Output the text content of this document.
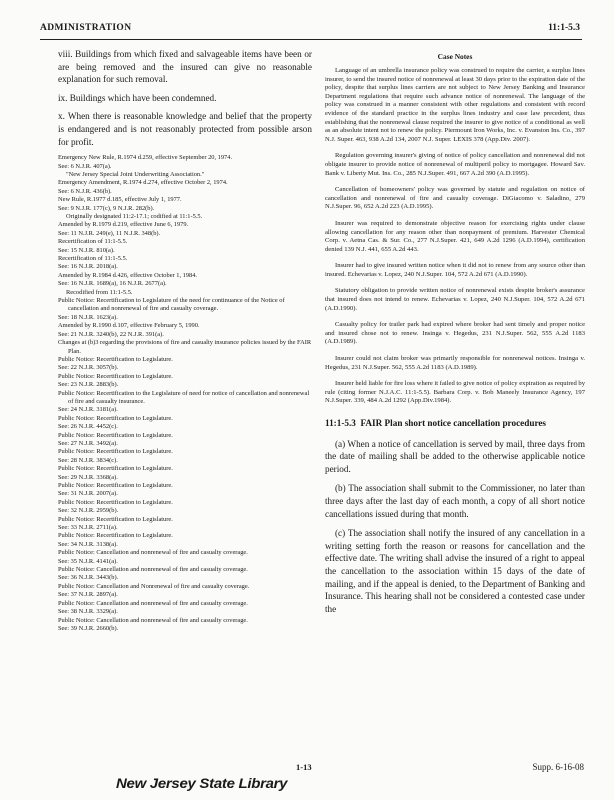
ADMINISTRATION	11:1-5.3

viii. Buildings from which fixed and salvageable items have been or are being removed and the insured can give no reasonable explanation for such removal.

ix. Buildings which have been condemned.

x. When there is reasonable knowledge and belief that the property is endangered and is not reasonably protected from possible arson for profit.

Emergency New Rule, R.1974 d.259, effective September 20, 1974.

See: 6 N.J.R. 407(a).

"New Jersey Special Joint Underwriting Association."

Emergency Amendment, R.1974 d.274, effective October 2, 1974.

See: 6 N.J.R. 436(b).

New Rule, R.1977 d.185, effective July 1, 1977.

See: 9 N.J.R. 177(c), 9 N.J.R. 282(b).

Originally designated 11:2-17.1; codified at 11:1-5.5.

Amended by R.1979 d.219, effective June 6, 1979.

See: 11 N.J.R. 249(e), 11 N.J.R. 348(b).

Recertification of 11:1-5.5.

See: 15 N.J.R. 810(a).

Recertification of 11:1-5.5.

See: 16 N.J.R. 2018(a).

Amended by R.1984 d.426, effective October 1, 1984.

See: 16 N.J.R. 1689(a), 16 N.J.R. 2677(a).

Recodified from 11:1-5.5.

Public Notice: Recertification to Legislature of the need for continuance of the Notice of cancellation and nonrenewal of fire and casualty coverage.

See: 18 N.J.R. 1623(a).

Amended by R.1990 d.107, effective February 5, 1990.

See: 21 N.J.R. 3240(b), 22 N.J.R. 391(a).

Changes at (b)3 regarding the provisions of fire and casualty insurance policies issued by the FAIR Plan.

Public Notice: Recertification to Legislature.

See: 22 N.J.R. 3057(b).

Public Notice: Recertification to Legislature.

See: 23 N.J.R. 2883(b).

Public Notice: Recertification to the Legislature of need for notice of cancellation and nonrenewal of fire and casualty insurance.

See: 24 N.J.R. 3181(a).

Public Notice: Recertification to Legislature.

See: 26 N.J.R. 4452(c).

Public Notice: Recertification to Legislature.

See: 27 N.J.R. 3492(a).

Public Notice: Recertification to Legislature.

See: 28 N.J.R. 3834(c).

Public Notice: Recertification to Legislature.

See: 29 N.J.R. 3368(a).

Public Notice: Recertification to Legislature.

See: 31 N.J.R. 2007(a).

Public Notice: Recertification to Legislature.

See: 32 N.J.R. 2959(b).

Public Notice: Recertification to Legislature.

See: 33 N.J.R. 2711(a).

Public Notice: Recertification to Legislature.

See: 34 N.J.R. 3138(a).

Public Notice: Cancellation and nonrenewal of fire and casualty coverage.

See: 35 N.J.R. 4141(a).

Public Notice: Cancellation and nonrenewal of fire and casualty coverage.

See: 36 N.J.R. 3443(b).

Public Notice: Cancellation and Nonrenewal of fire and casualty coverage.

See: 37 N.J.R. 2897(a).

Public Notice: Cancellation and nonrenewal of fire and casualty coverage.

See: 38 N.J.R. 3329(a).

Public Notice: Cancellation and nonrenewal of fire and casualty coverage.

See: 39 N.J.R. 2660(b).

Case Notes

Language of an umbrella insurance policy was construed to require the carrier, a surplus lines insurer, to send the insured notice of nonrenewal at least 30 days prior to the expiration date of the policy, despite that surplus lines carriers are not subject to New Jersey Banking and Insurance Department regulations that require such advance notice of nonrenewal. The language of the policy was construed in a manner consistent with other regulations and consistent with record evidence of the standard practice in the surplus lines industry and case law precedent, thus establishing that the nonrenewal clause required the insurer to give notice of a conditional as well as an absolute intent not to renew the policy. Piermount Iron Works, Inc. v. Evanston Ins. Co., 397 N.J. Super. 463, 938 A.2d 134, 2007 N.J. Super. LEXIS 378 (App.Div. 2007).

Regulation governing insurer's giving of notice of policy cancellation and nonrenewal did not obligate insurer to provide notice of nonrenewal of multiperil policy to mortgagee. Howard Sav. Bank v. Liberty Mut. Ins. Co., 285 N.J.Super. 491, 667 A.2d 390 (A.D.1995).

Cancellation of homeowners' policy was governed by statute and regulation on notice of cancellation and nonrenewal of fire and casualty coverage. DiGiacomo v. Saladino, 279 N.J.Super. 96, 652 A.2d 223 (A.D.1995).

Insurer was required to demonstrate objective reason for exercising rights under clause allowing cancellation for any reason other than nonpayment of premium. Harvester Chemical Corp. v. Aetna Cas. & Sur. Co., 277 N.J.Super. 421, 649 A.2d 1296 (A.D.1994), certification denied 139 N.J. 441, 655 A.2d 443.

Insurer had to give insured written notice when it did not to renew from any source other than insured. Echevarias v. Lopez, 240 N.J.Super. 104, 572 A.2d 671 (A.D.1990).

Statutory obligation to provide written notice of nonrenewal exists despite broker's assurance that insured does not intend to renew. Echevarias v. Lopez, 240 N.J.Super. 104, 572 A.2d 671 (A.D.1990).

Casualty policy for trailer park had expired where broker had sent timely and proper notice and insured chose not to renew. Insinga v. Hegedus, 231 N.J.Super. 562, 555 A.2d 1183 (A.D.1989).

Insurer could not claim broker was primarily responsible for nonrenewal notices. Insinga v. Hegedus, 231 N.J.Super. 562, 555 A.2d 1183 (A.D.1989).

Insurer held liable for fire loss where it failed to give notice of policy expiration as required by rule (citing former N.J.A.C. 11:1-5.5). Barbara Corp. v. Bob Maneely Insurance Agency, 197 N.J.Super. 339, 484 A.2d 1292 (App.Div.1984).

11:1-5.3 FAIR Plan short notice cancellation procedures

(a) When a notice of cancellation is served by mail, three days from the date of mailing shall be added to the otherwise applicable notice period.

(b) The association shall submit to the Commissioner, no later than three days after the last day of each month, a copy of all short notice cancellations issued during that month.

(c) The association shall notify the insured of any cancellation in a writing setting forth the reason or reasons for cancellation and the effective date. The writing shall advise the insured of a right to appeal the cancellation to the association within 15 days of the date of mailing, and if the appeal is denied, to the Department of Banking and Insurance. This hearing shall not be considered a contested case under the

1-13	Supp. 6-16-08
New Jersey State Library
